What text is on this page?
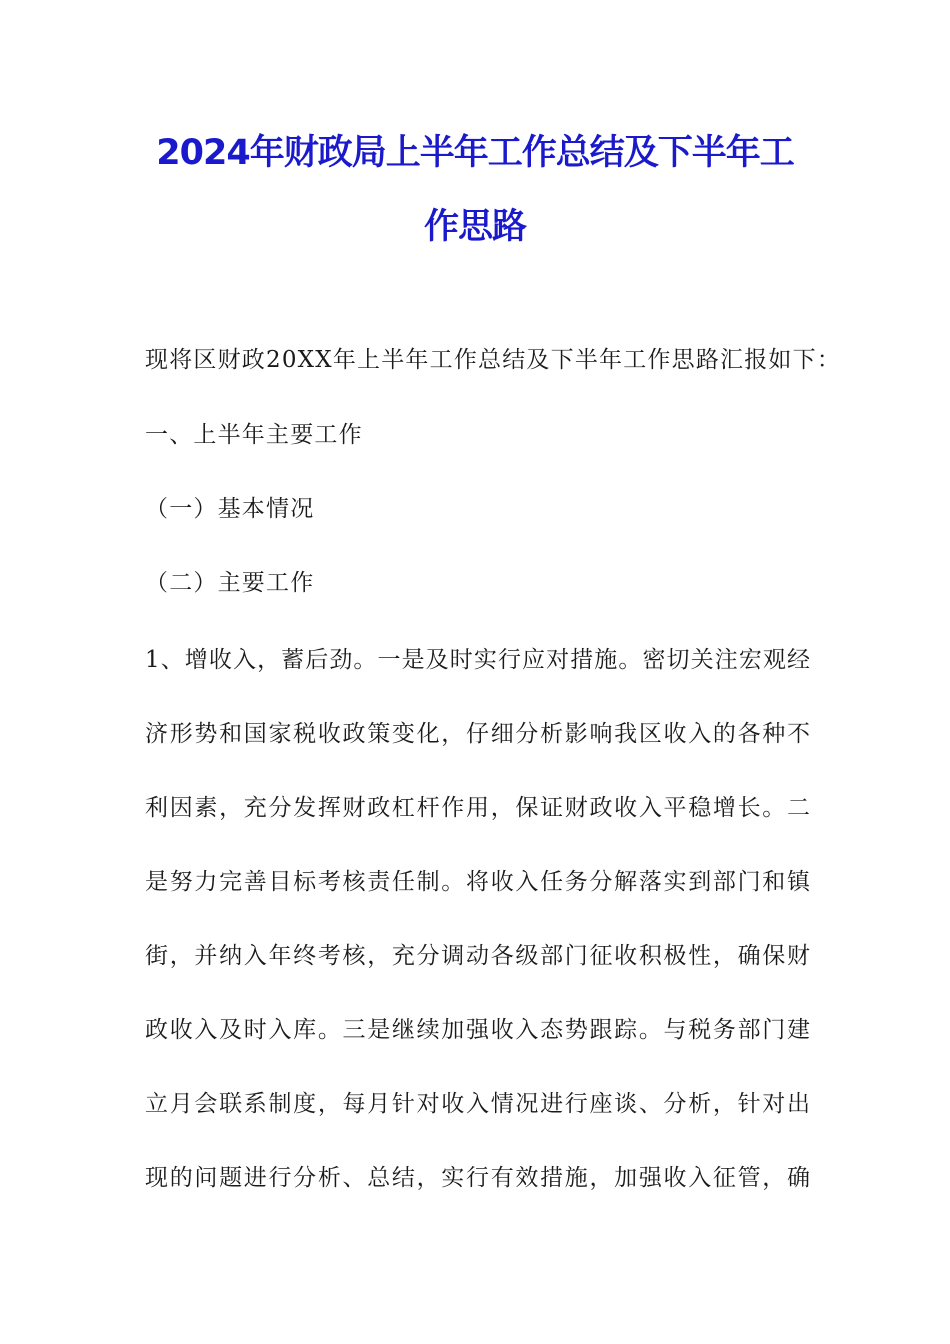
2024年财政局上半年工作总结及下半年工
作思路

现将区财政20XX年上半年工作总结及下半年工作思路汇报如下：

一、上半年主要工作

（一）基本情况

（二）主要工作

1、增收入，蓄后劲。一是及时实行应对措施。密切关注宏观经

济形势和国家税收政策变化，仔细分析影响我区收入的各种不

利因素，充分发挥财政杠杆作用，保证财政收入平稳增长。二

是努力完善目标考核责任制。将收入任务分解落实到部门和镇

街，并纳入年终考核，充分调动各级部门征收积极性，确保财

政收入及时入库。三是继续加强收入态势跟踪。与税务部门建

立月会联系制度，每月针对收入情况进行座谈、分析，针对出

现的问题进行分析、总结，实行有效措施，加强收入征管，确
